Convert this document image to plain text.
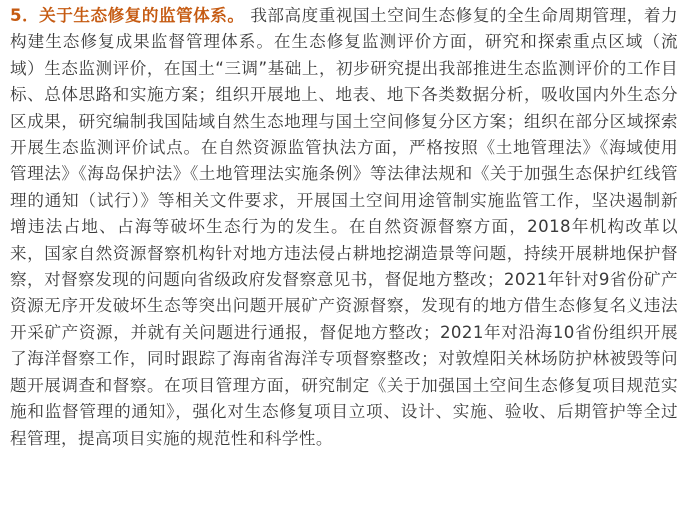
5．关于生态修复的监管体系。 我部高度重视国土空间生态修复的全生命周期管理，着力构建生态修复成果监督管理体系。在生态修复监测评价方面，研究和探索重点区域（流域）生态监测评价，在国土“三调”基础上，初步研究提出我部推进生态监测评价的工作目标、总体思路和实施方案；组织开展地上、地表、地下各类数据分析，吸收国内外生态分区成果，研究编制我国陆域自然生态地理与国土空间修复分区方案；组织在部分区域探索开展生态监测评价试点。在自然资源监管执法方面，严格按照《土地管理法》《海域使用管理法》《海岛保护法》《土地管理法实施条例》等法律法规和《关于加强生态保护红线管理的通知（试行）》等相关文件要求，开展国土空间用途管制实施监管工作，坚决遏制新增违法占地、占海等破坏生态行为的发生。在自然资源督察方面，2018年机构改革以来，国家自然资源督察机构针对地方违法侵占耕地挖湖造景等问题，持续开展耕地保护督察，对督察发现的问题向省级政府发督察意见书，督促地方整改；2021年针对9省份矿产资源无序开发破坏生态等突出问题开展矿产资源督察，发现有的地方借生态修复名义违法开采矿产资源，并就有关问题进行通报，督促地方整改；2021年对沿海10省份组织开展了海洋督察工作，同时跟踪了海南省海洋专项督察整改；对敦煌阳关林场防护林被毁等问题开展调查和督察。在项目管理方面，研究制定《关于加强国土空间生态修复项目规范实施和监督管理的通知》，强化对生态修复项目立项、设计、实施、验收、后期管护等全过程管理，提高项目实施的规范性和科学性。
